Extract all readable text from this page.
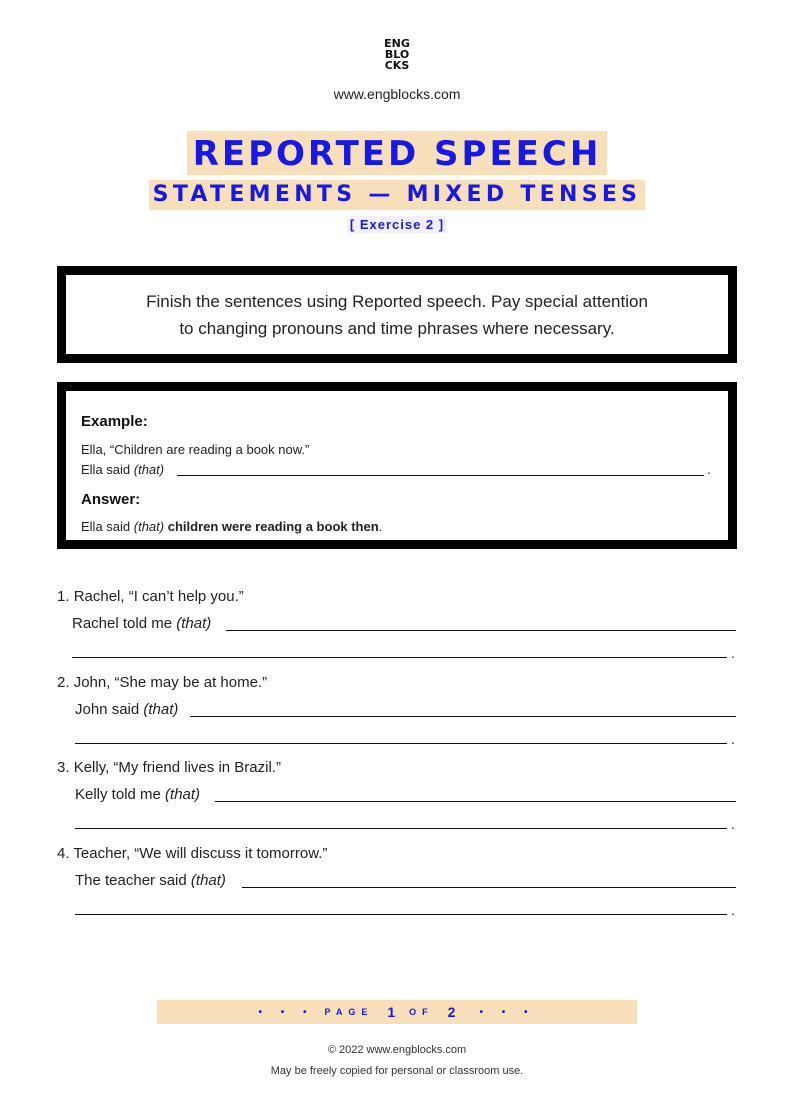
ENG
BLO
CKS
www.engblocks.com
REPORTED SPEECH
STATEMENTS — MIXED TENSES
[ Exercise 2 ]
Finish the sentences using Reported speech. Pay special attention
to changing pronouns and time phrases where necessary.
Example:
Ella, “Children are reading a book now.”
Ella said (that)	.
Answer:
Ella said (that) children were reading a book then.
1. Rachel, “I can’t help you.”
Rachel told me (that)
.
2. John, “She may be at home.”
John said (that)
.
3. Kelly, “My friend lives in Brazil.”
Kelly told me (that)
.
4. Teacher, “We will discuss it tomorrow.”
The teacher said (that)
.
• • • PAGE 1 OF 2 • • •
© 2022 www.engblocks.com
May be freely copied for personal or classroom use.
